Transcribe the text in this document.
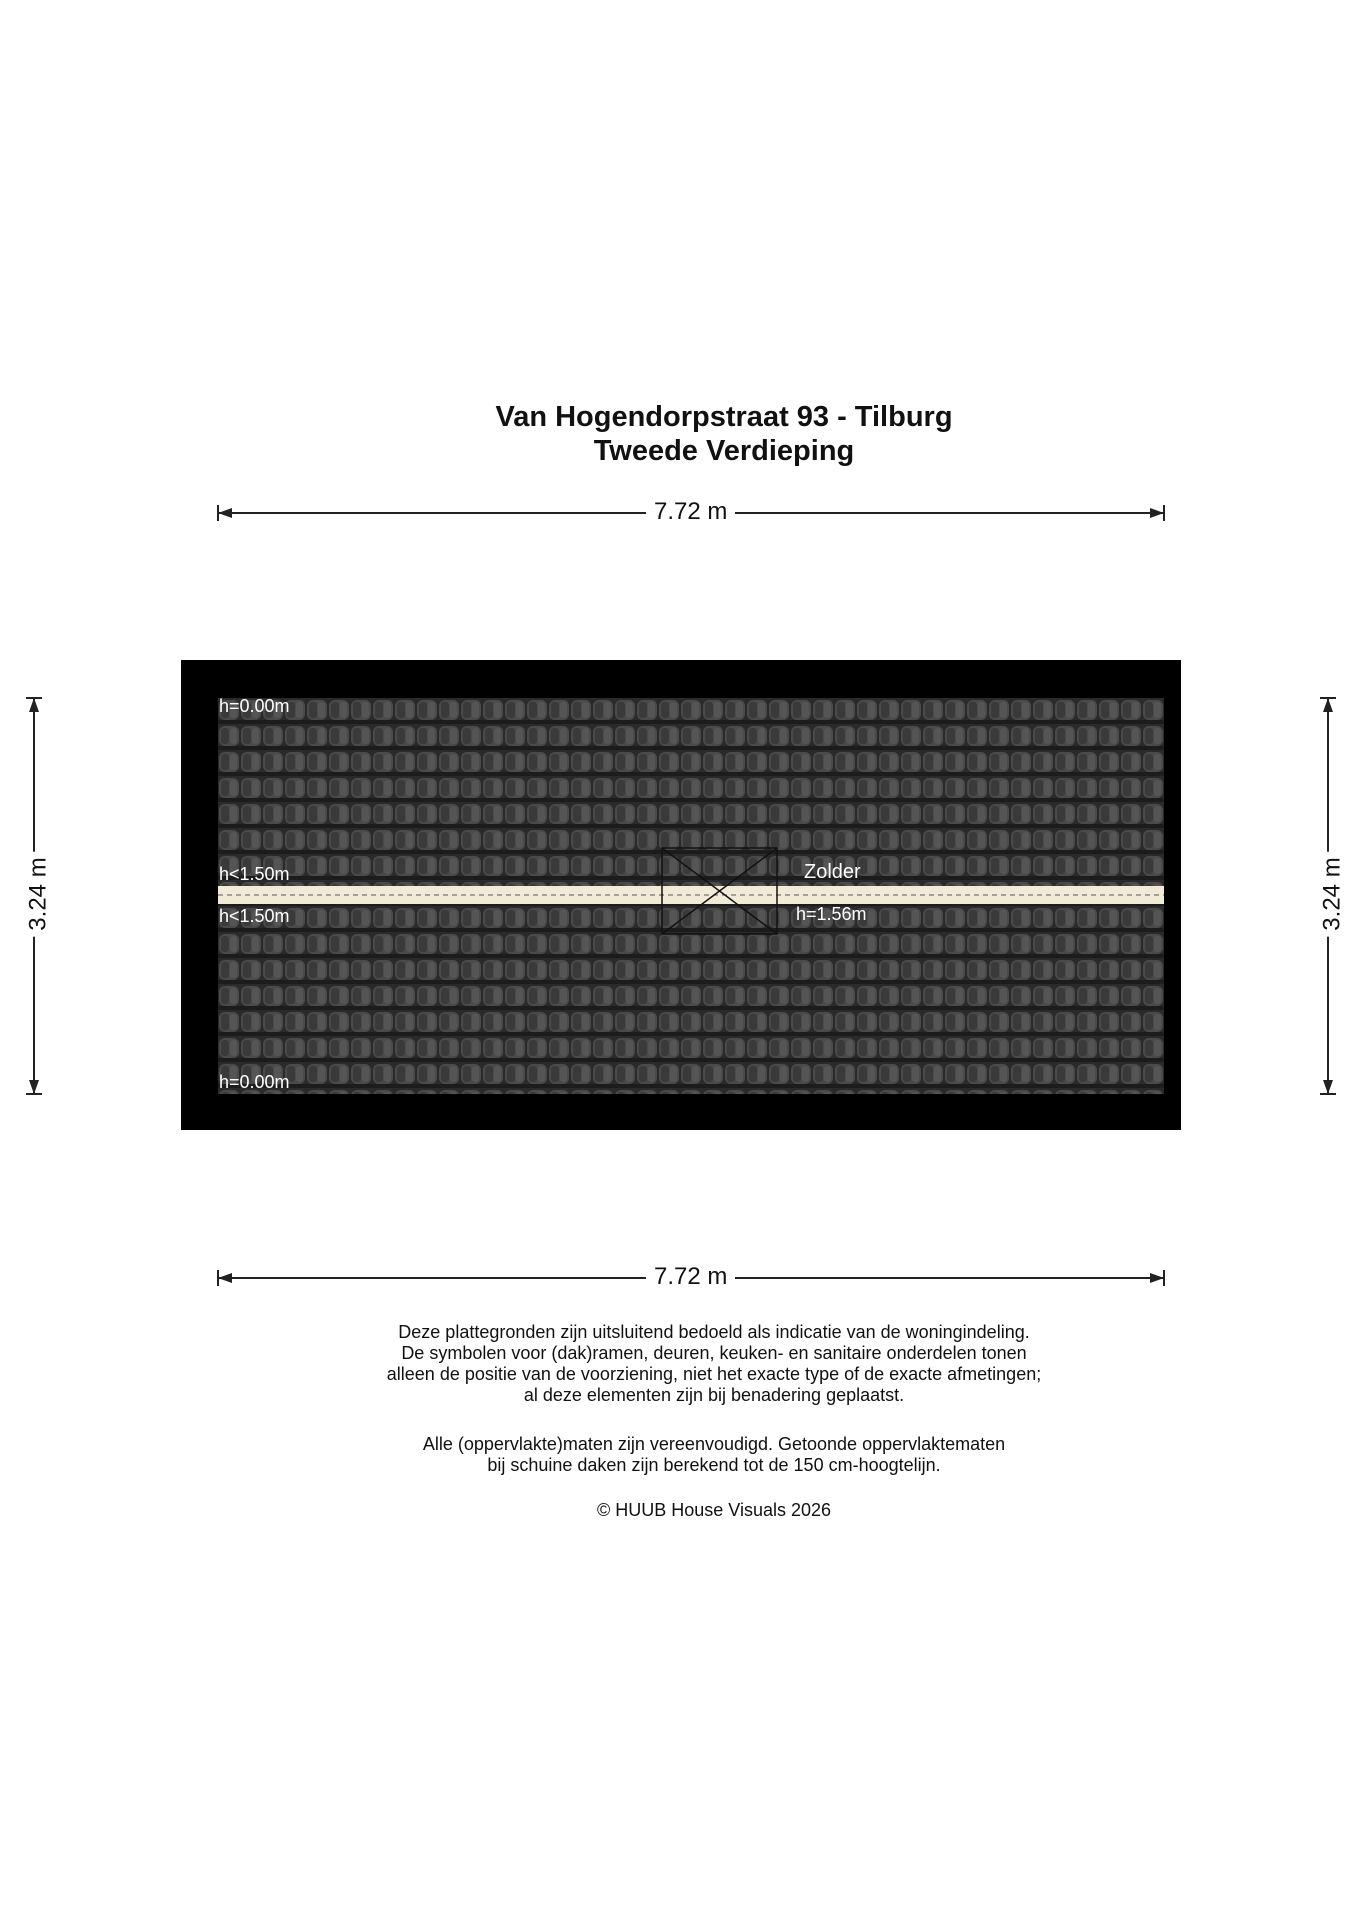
Van Hogendorpstraat 93 - Tilburg
Tweede Verdieping
7.72 m
7.72 m
3.24 m	3.24 m
h=0.00m
h<1.50m
h<1.50m
h=0.00m
Zolder
h=1.56m

Deze plattegronden zijn uitsluitend bedoeld als indicatie van de woningindeling.

De symbolen voor (dak)ramen, deuren, keuken- en sanitaire onderdelen tonen

alleen de positie van de voorziening, niet het exacte type of de exacte afmetingen;

al deze elementen zijn bij benadering geplaatst.

Alle (oppervlakte)maten zijn vereenvoudigd. Getoonde oppervlaktematen

bij schuine daken zijn berekend tot de 150 cm-hoogtelijn.

© HUUB House Visuals 2026
